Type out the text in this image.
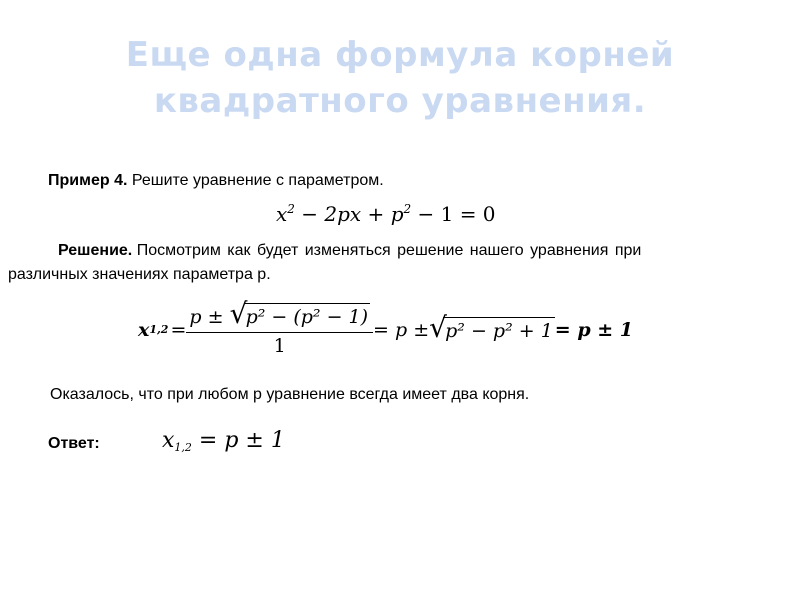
Еще одна формула корней
квадратного уравнения.
Пример 4. Решите уравнение с параметром.
$x^2 - 2px + p^2 - 1 = 0$
Решение. Посмотрим как будет изменяться решение нашего уравнения при
различных значениях параметра p.
x 1,2 = p ± √
p² − (p² − 1)
1 = p ± √
p² − p² + 1 = p ± 1
Оказалось, что при любом p уравнение всегда имеет два корня.
Ответ:	$x_{1,2} = p \pm 1$
